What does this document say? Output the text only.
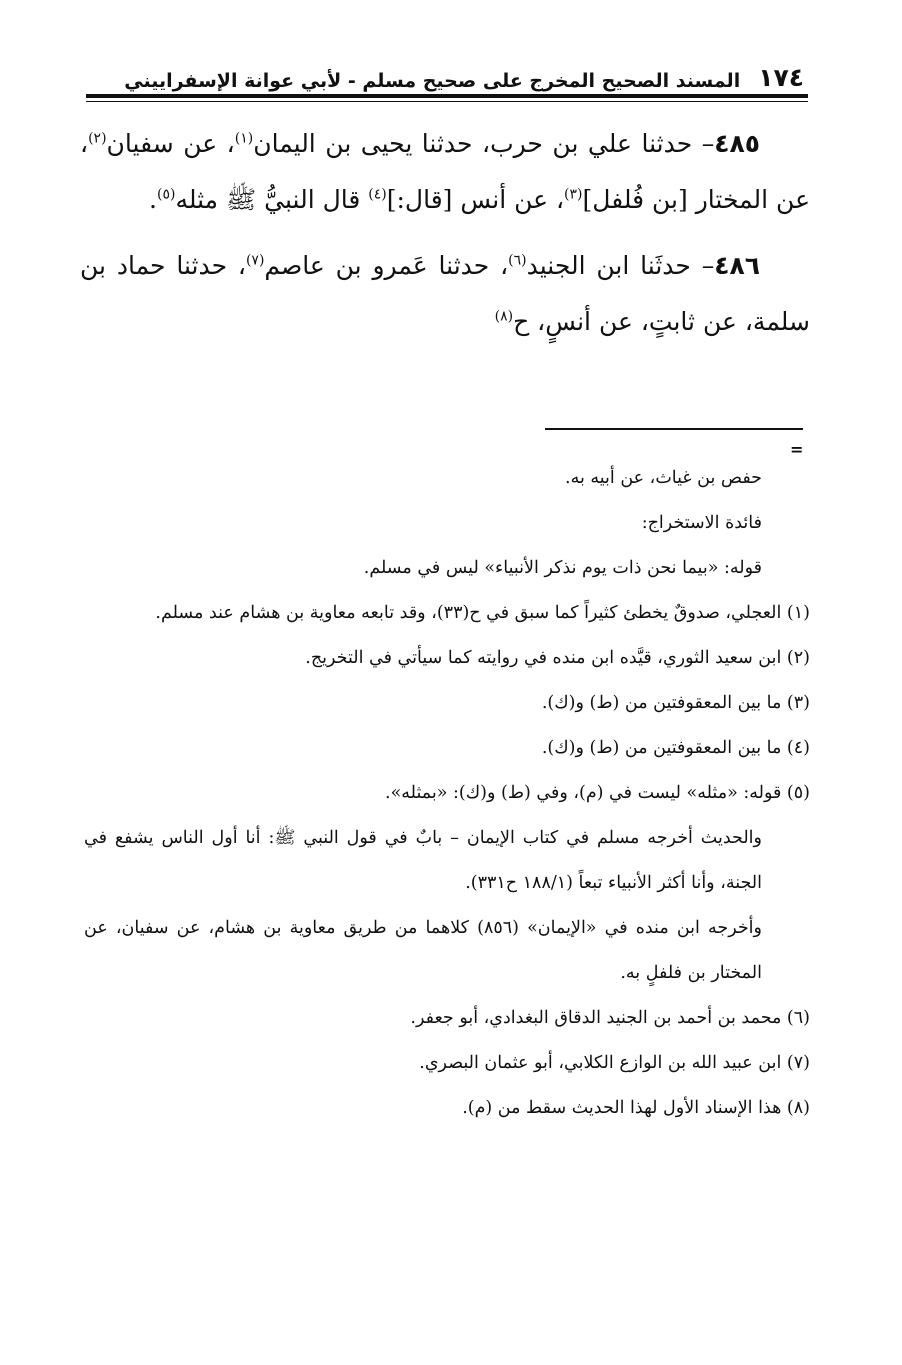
١٧٤
المسند الصحيح المخرج على صحيح مسلم - لأبي عوانة الإسفراييني

٤٨٥– حدثنا علي بن حرب، حدثنا يحيى بن اليمان$^{(١)}$، عن سفيان$^{(٢)}$، عن المختار [بن فُلفل]$^{(٣)}$، عن أنس [قال:]$^{(٤)}$ قال النبيُّ ﷺ مثله$^{(٥)}$.

٤٨٦– حدثَنا ابن الجنيد$^{(٦)}$، حدثنا عَمرو بن عاصم$^{(٧)}$، حدثنا حماد بن سلمة، عن ثابتٍ، عن أنسٍ، ح$^{(٨)}$

=

حفص بن غياث، عن أبيه به.

فائدة الاستخراج:

قوله: «بيما نحن ذات يوم نذكر الأنبياء» ليس في مسلم.

(١) العجلي، صدوقٌ يخطئ كثيراً كما سبق في ح(٣٣)، وقد تابعه معاوية بن هشام عند مسلم.

(٢) ابن سعيد الثوري، قيَّده ابن منده في روايته كما سيأتي في التخريج.

(٣) ما بين المعقوفتين من (ط) و(ك).

(٤) ما بين المعقوفتين من (ط) و(ك).

(٥) قوله: «مثله» ليست في (م)، وفي (ط) و(ك): «بمثله».

والحديث أخرجه مسلم في كتاب الإيمان – بابٌ في قول النبي ﷺ: أنا أول الناس يشفع في الجنة، وأنا أكثر الأنبياء تبعاً (١٨٨/١ ح٣٣١).

وأخرجه ابن منده في «الإيمان» (٨٥٦) كلاهما من طريق معاوية بن هشام، عن سفيان، عن المختار بن فلفلٍ به.

(٦) محمد بن أحمد بن الجنيد الدقاق البغدادي، أبو جعفر.

(٧) ابن عبيد الله بن الوازع الكلابي، أبو عثمان البصري.

(٨) هذا الإسناد الأول لهذا الحديث سقط من (م).
